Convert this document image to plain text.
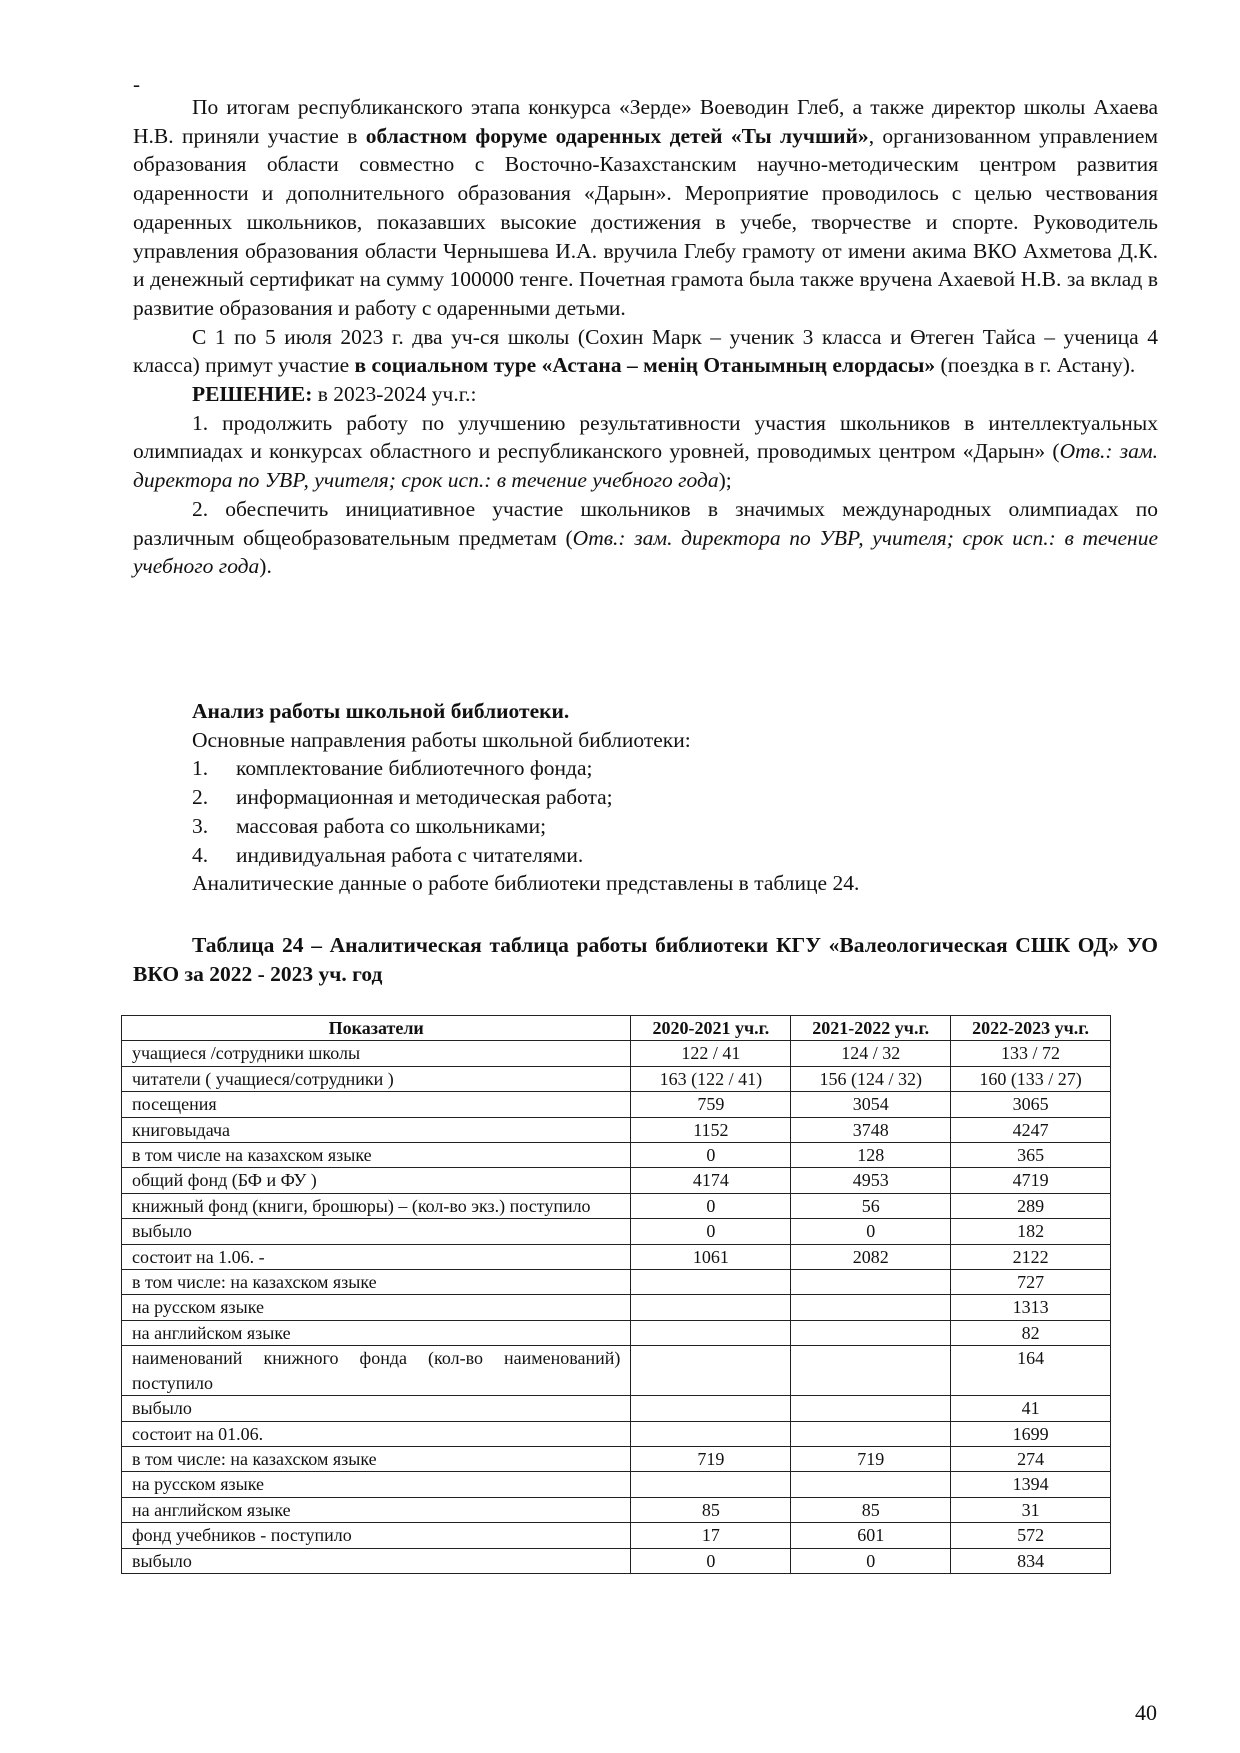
-

По итогам республиканского этапа конкурса «Зерде» Воеводин Глеб, а также директор школы Ахаева Н.В. приняли участие в областном форуме одаренных детей «Ты лучший», организованном управлением образования области совместно с Восточно-Казахстанским научно-методическим центром развития одаренности и дополнительного образования «Дарын». Мероприятие проводилось с целью чествования одаренных школьников, показавших высокие достижения в учебе, творчестве и спорте. Руководитель управления образования области Чернышева И.А. вручила Глебу грамоту от имени акима ВКО Ахметова Д.К. и денежный сертификат на сумму 100000 тенге. Почетная грамота была также вручена Ахаевой Н.В. за вклад в развитие образования и работу с одаренными детьми.

С 1 по 5 июля 2023 г. два уч-ся школы (Сохин Марк – ученик 3 класса и Өтеген Тайса – ученица 4 класса) примут участие в социальном туре «Астана – менің Отанымның елордасы» (поездка в г. Астану).

РЕШЕНИЕ: в 2023-2024 уч.г.:

1. продолжить работу по улучшению результативности участия школьников в интеллектуальных олимпиадах и конкурсах областного и республиканского уровней, проводимых центром «Дарын» (Отв.: зам. директора по УВР, учителя; срок исп.: в течение учебного года);

2. обеспечить инициативное участие школьников в значимых международных олимпиадах по различным общеобразовательным предметам (Отв.: зам. директора по УВР, учителя; срок исп.: в течение учебного года).

Анализ работы школьной библиотеки.

Основные направления работы школьной библиотеки:

1.	комплектование библиотечного фонда;
2.	информационная и методическая работа;
3.	массовая работа со школьниками;
4.	индивидуальная работа с читателями.

Аналитические данные о работе библиотеки представлены в таблице 24.

Таблица 24 – Аналитическая таблица работы библиотеки КГУ «Валеологическая СШК ОД» УО ВКО за 2022 - 2023 уч. год

Показатели	2020-2021 уч.г.	2021-2022 уч.г.	2022-2023 уч.г.
учащиеся /сотрудники школы	122 / 41	124 / 32	133 / 72
читатели ( учащиеся/сотрудники )	163 (122 / 41)	156 (124 / 32)	160 (133 / 27)
посещения	759	3054	3065
книговыдача	1152	3748	4247
в том числе на казахском языке	0	128	365
общий фонд (БФ и ФУ )	4174	4953	4719
книжный фонд (книги, брошюры) – (кол-во экз.) поступило	0	56	289
выбыло	0	0	182
состоит на 1.06. -	1061	2082	2122
в том числе: на казахском языке			727
на русском языке			1313
на английском языке			82
наименований книжного фонда (кол-во наименований) поступило			164
выбыло			41
состоит на 01.06.			1699
в том числе: на казахском языке	719	719	274
на русском языке			1394
на английском языке	85	85	31
фонд учебников - поступило	17	601	572
выбыло	0	0	834
40
